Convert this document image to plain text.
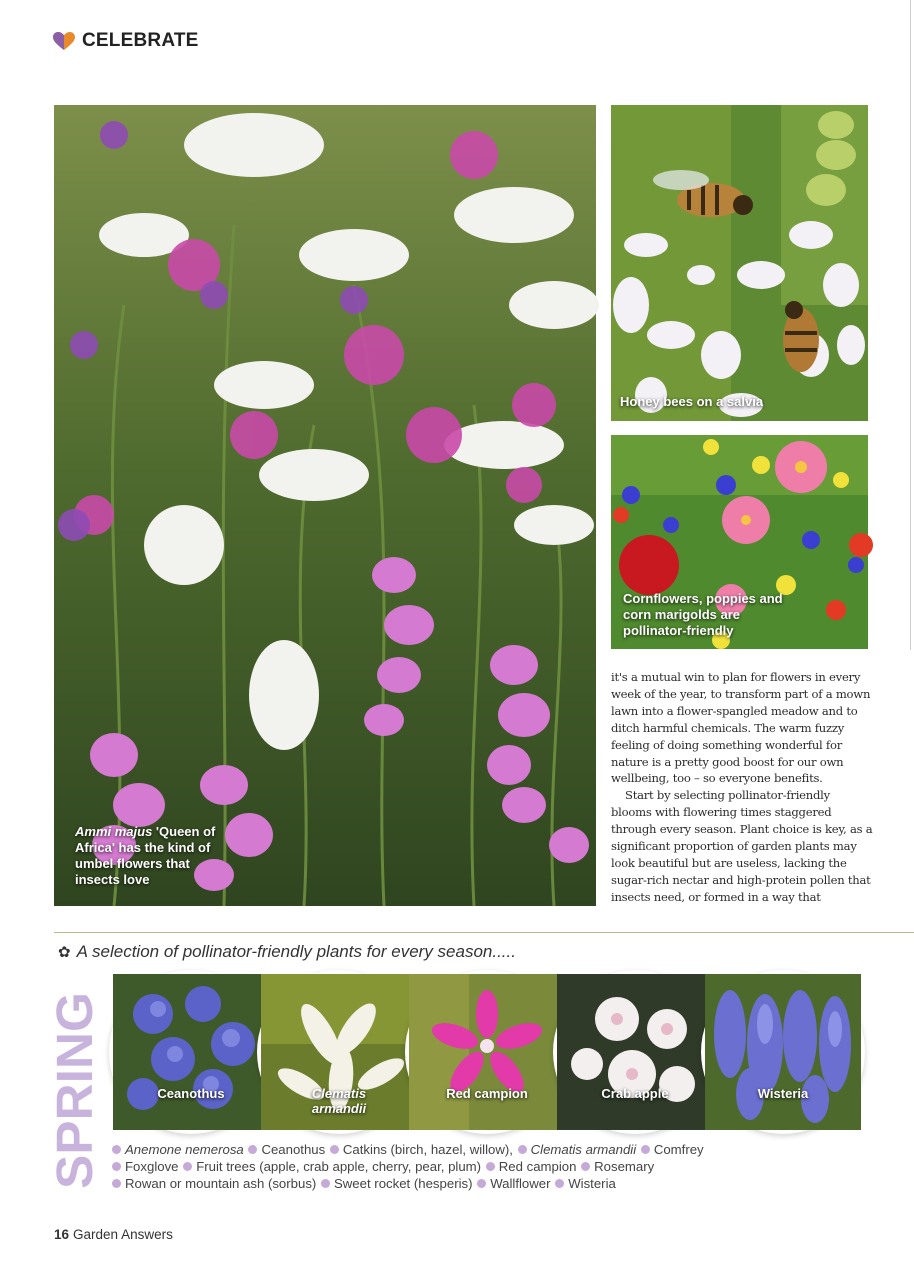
CELEBRATE
Ammi majus 'Queen of Africa' has the kind of umbel flowers that insects love
Honey bees on a salvia
Cornflowers, poppies and corn marigolds are pollinator-friendly

it's a mutual win to plan for flowers in every week of the year, to transform part of a mown lawn into a flower-spangled meadow and to ditch harmful chemicals. The warm fuzzy feeling of doing something wonderful for nature is a pretty good boost for our own wellbeing, too – so everyone benefits.

Start by selecting pollinator-friendly blooms with flowering times staggered through every season. Plant choice is key, as a significant proportion of garden plants may look beautiful but are useless, lacking the sugar-rich nectar and high-protein pollen that insects need, or formed in a way that

✿ A selection of pollinator-friendly plants for every season.....
SPRING	Ceanothus	Clematis
armandii
Red campion	Crab apple	Wisteria
Anemone nemerosa Ceanothus Catkins (birch, hazel, willow), Clematis armandii Comfrey
Foxglove Fruit trees (apple, crab apple, cherry, pear, plum) Red campion Rosemary
Rowan or mountain ash (sorbus) Sweet rocket (hesperis) Wallflower Wisteria
16 Garden Answers
